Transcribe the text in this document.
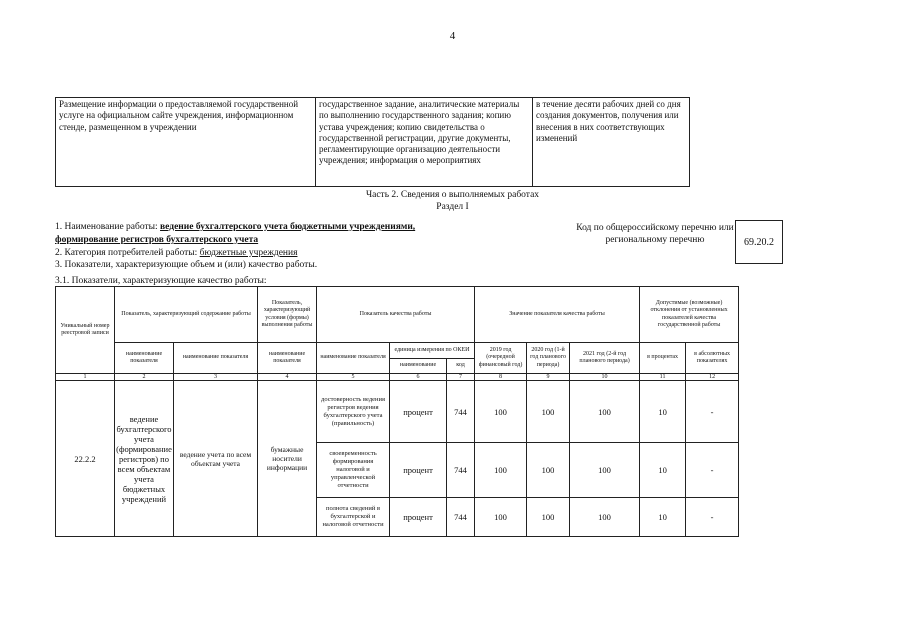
4
Размещение информации о предоставляемой государственной услуге на официальном сайте учреждения, информационном стенде, размещенном в учреждении	государственное задание, аналитические материалы по выполнению государственного задания; копию устава учреждения; копию свидетельства о государственной регистрации, другие документы, регламентирующие организацию деятельности учреждения; информация о мероприятиях	в течение десяти рабочих дней со дня создания документов, получения или внесения в них соответствующих изменений
Часть 2. Сведения о выполняемых работах
Раздел I
1. Наименование работы: ведение бухгалтерского учета бюджетными учреждениями,
формирование регистров бухгалтерского учета
2. Категория потребителей работы: бюджетные учреждения
3. Показатели, характеризующие объем и (или) качество работы.
3.1. Показатели, характеризующие качество работы:
Код по общероссийскому перечню или региональному перечню	69.20.2
Уникальный номер реестровой записи	Показатель, характеризующий содержание работы		Показатель, характеризующий условия (формы) выполнения работы	Показатель качества работы			Значение показателя качества работы			Допустимые (возможные) отклонения от установленных показателей качества государственной работы	
	наименование показателя	наименование показателя	наименование показателя	наименование показателя	единица измерения по ОКЕИ		2019 год (очередной финансовый год)	2020 год (1-й год планового периода)	2021 год (2-й год планового периода)	в процентах	в абсолютных показателях
					наименование	код					
1	2	3	4	5	6	7	8	9	10	11	12
22.2.2	ведение бухгалтерского учета (формирование регистров) по всем объектам учета бюджетных учреждений	ведение учета по всем объектам учета	бумажные носители информации	достоверность ведения регистров ведения бухгалтерского учета (правильность)	процент	744	100	100	100	10	-
				своевременность формирования налоговой и управленческой отчетности	процент	744	100	100	100	10	-
				полнота сведений в бухгалтерской и налоговой отчетности	процент	744	100	100	100	10	-
